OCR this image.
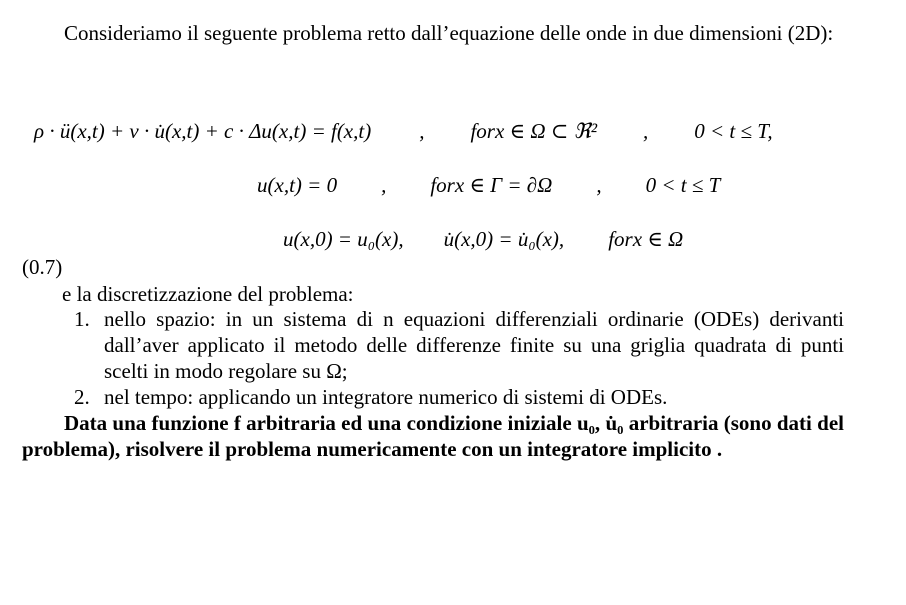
Consideriamo il seguente problema retto dall’equazione delle onde in due dimensioni (2D):
ρ · ü(x,t) + v · u̇(x,t) + c · Δu(x,t) = f(x,t) , forx ∈ Ω ⊂ ℜ² , 0 < t ≤ T,
u(x,t) = 0 , forx ∈ Γ = ∂Ω , 0 < t ≤ T
u(x,0) = u₀(x), u̇(x,0) = u̇₀(x), forx ∈ Ω
(0.7)
e la discretizzazione del problema:
1. nello spazio: in un sistema di n equazioni differenziali ordinarie (ODEs) derivanti dall’aver applicato il metodo delle differenze finite su una griglia quadrata di punti scelti in modo regolare su Ω;
2. nel tempo: applicando un integratore numerico di sistemi di ODEs.
Data una funzione f arbitraria ed una condizione iniziale u₀, u̇₀ arbitraria (sono dati del problema), risolvere il problema numericamente con un integratore implicito .
